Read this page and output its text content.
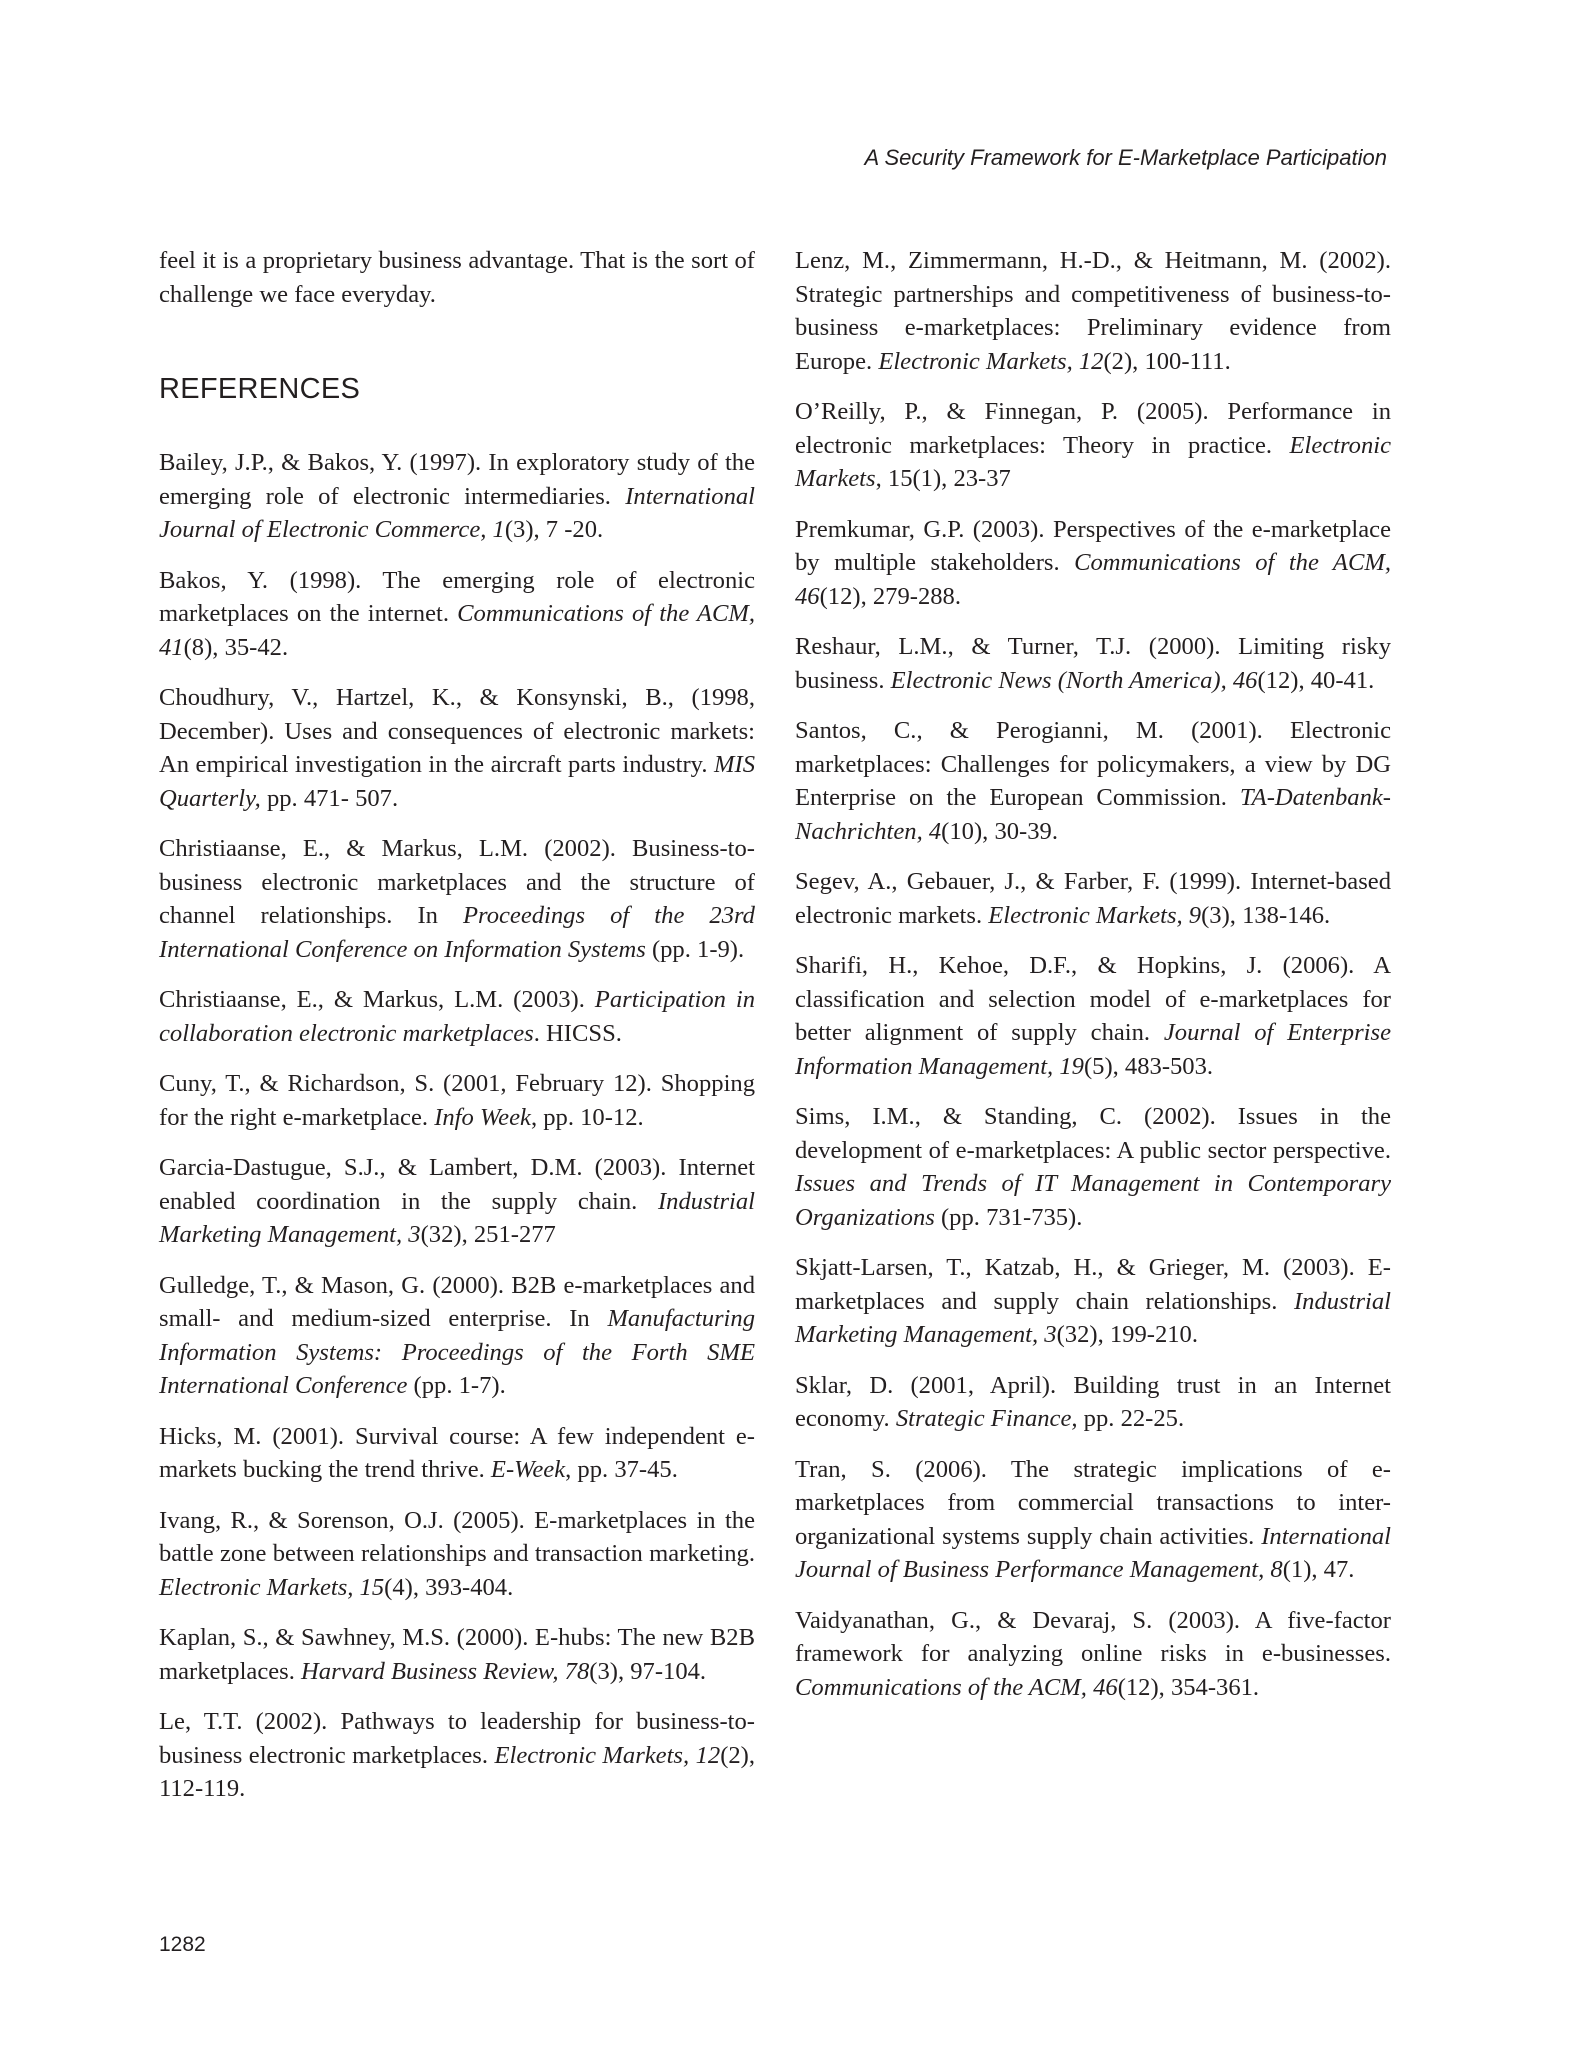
A Security Framework for E-Marketplace Participation

feel it is a proprietary business advantage. That is the sort of challenge we face everyday.

REFERENCES

Bailey, J.P., & Bakos, Y. (1997). In exploratory study of the emerging role of electronic intermediaries. International Journal of Electronic Commerce, 1(3), 7 -20.

Bakos, Y. (1998). The emerging role of electronic marketplaces on the internet. Communications of the ACM, 41(8), 35-42.

Choudhury, V., Hartzel, K., & Konsynski, B., (1998, December). Uses and consequences of electronic markets: An empirical investigation in the aircraft parts industry. MIS Quarterly, pp. 471- 507.

Christiaanse, E., & Markus, L.M. (2002). Business-to-business electronic marketplaces and the structure of channel relationships. In Proceedings of the 23rd International Conference on Information Systems (pp. 1-9).

Christiaanse, E., & Markus, L.M. (2003). Participation in collaboration electronic marketplaces. HICSS.

Cuny, T., & Richardson, S. (2001, February 12). Shopping for the right e-marketplace. Info Week, pp. 10-12.

Garcia-Dastugue, S.J., & Lambert, D.M. (2003). Internet enabled coordination in the supply chain. Industrial Marketing Management, 3(32), 251-277

Gulledge, T., & Mason, G. (2000). B2B e-marketplaces and small- and medium-sized enterprise. In Manufacturing Information Systems: Proceedings of the Forth SME International Conference (pp. 1-7).

Hicks, M. (2001). Survival course: A few independent e-markets bucking the trend thrive. E-Week, pp. 37-45.

Ivang, R., & Sorenson, O.J. (2005). E-marketplaces in the battle zone between relationships and transaction marketing. Electronic Markets, 15(4), 393-404.

Kaplan, S., & Sawhney, M.S. (2000). E-hubs: The new B2B marketplaces. Harvard Business Review, 78(3), 97-104.

Le, T.T. (2002). Pathways to leadership for business-to-business electronic marketplaces. Electronic Markets, 12(2), 112-119.

Lenz, M., Zimmermann, H.-D., & Heitmann, M. (2002). Strategic partnerships and competitiveness of business-to-business e-marketplaces: Preliminary evidence from Europe. Electronic Markets, 12(2), 100-111.

O’Reilly, P., & Finnegan, P. (2005). Performance in electronic marketplaces: Theory in practice. Electronic Markets, 15(1), 23-37

Premkumar, G.P. (2003). Perspectives of the e-marketplace by multiple stakeholders. Communications of the ACM, 46(12), 279-288.

Reshaur, L.M., & Turner, T.J. (2000). Limiting risky business. Electronic News (North America), 46(12), 40-41.

Santos, C., & Perogianni, M. (2001). Electronic marketplaces: Challenges for policymakers, a view by DG Enterprise on the European Commission. TA-Datenbank-Nachrichten, 4(10), 30-39.

Segev, A., Gebauer, J., & Farber, F. (1999). Internet-based electronic markets. Electronic Markets, 9(3), 138-146.

Sharifi, H., Kehoe, D.F., & Hopkins, J. (2006). A classification and selection model of e-marketplaces for better alignment of supply chain. Journal of Enterprise Information Management, 19(5), 483-503.

Sims, I.M., & Standing, C. (2002). Issues in the development of e-marketplaces: A public sector perspective. Issues and Trends of IT Management in Contemporary Organizations (pp. 731-735).

Skjatt-Larsen, T., Katzab, H., & Grieger, M. (2003). E-marketplaces and supply chain relationships. Industrial Marketing Management, 3(32), 199-210.

Sklar, D. (2001, April). Building trust in an Internet economy. Strategic Finance, pp. 22-25.

Tran, S. (2006). The strategic implications of e-marketplaces from commercial transactions to inter-organizational systems supply chain activities. International Journal of Business Performance Management, 8(1), 47.

Vaidyanathan, G., & Devaraj, S. (2003). A five-factor framework for analyzing online risks in e-businesses. Communications of the ACM, 46(12), 354-361.

1282
